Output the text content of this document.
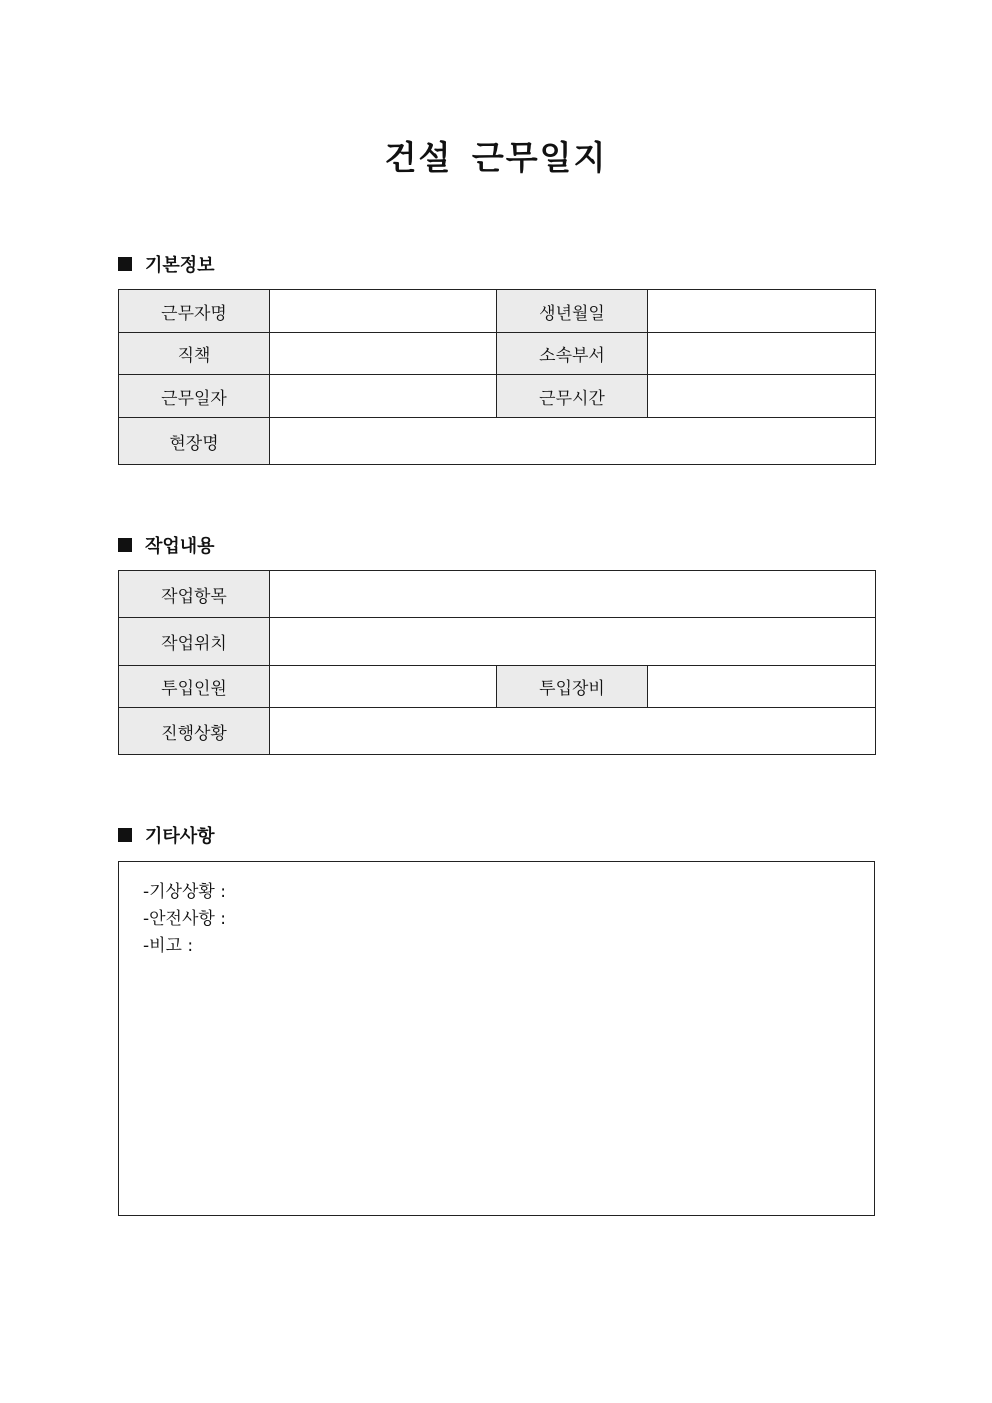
건설 근무일지
기본정보
근무자명		생년월일	
직책		소속부서	
근무일자		근무시간	
현장명			
작업내용
작업항목			
작업위치			
투입인원		투입장비	
진행상황			
기타사항
-기상상황 :
-안전사항 :
-비고 :
